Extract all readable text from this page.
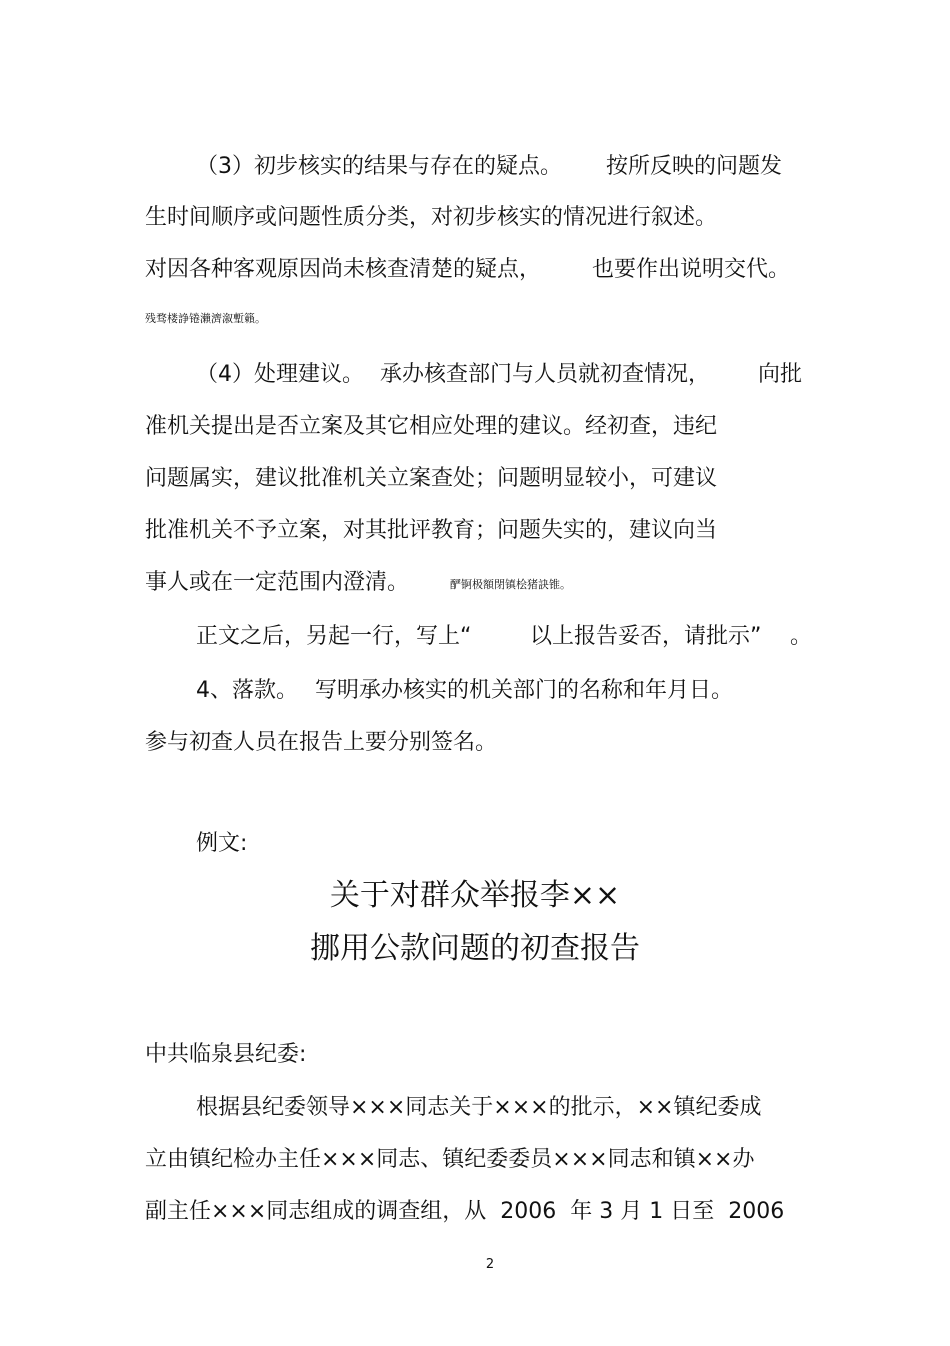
（3）初步核实的结果与存在的疑点。 按所反映的问题发
生时间顺序或问题性质分类，对初步核实的情况进行叙述。
对因各种客观原因尚未核查清楚的疑点， 也要作出说明交代。
残骛楼諍锩瀨濟溆塹籟。
（4）处理建议。 承办核查部门与人员就初查情况， 向批
准机关提出是否立案及其它相应处理的建议。经初查，违纪
问题属实，建议批准机关立案查处；问题明显较小，可建议
批准机关不予立案，对其批评教育；问题失实的，建议向当
事人或在一定范围内澄清。	酽锕极額閉镇桧猪訣锥。
正文之后，另起一行，写上“	以上报告妥否，请批示” 。
4、落款。 写明承办核实的机关部门的名称和年月日。
参与初查人员在报告上要分别签名。
例文:
关于对群众举报李××
挪用公款问题的初查报告
中共临泉县纪委:
根据县纪委领导×××同志关于×××的批示，××镇纪委成
立由镇纪检办主任×××同志、镇纪委委员×××同志和镇××办
副主任×××同志组成的调查组，从  2006  年 3 月 1 日至  2006
2
